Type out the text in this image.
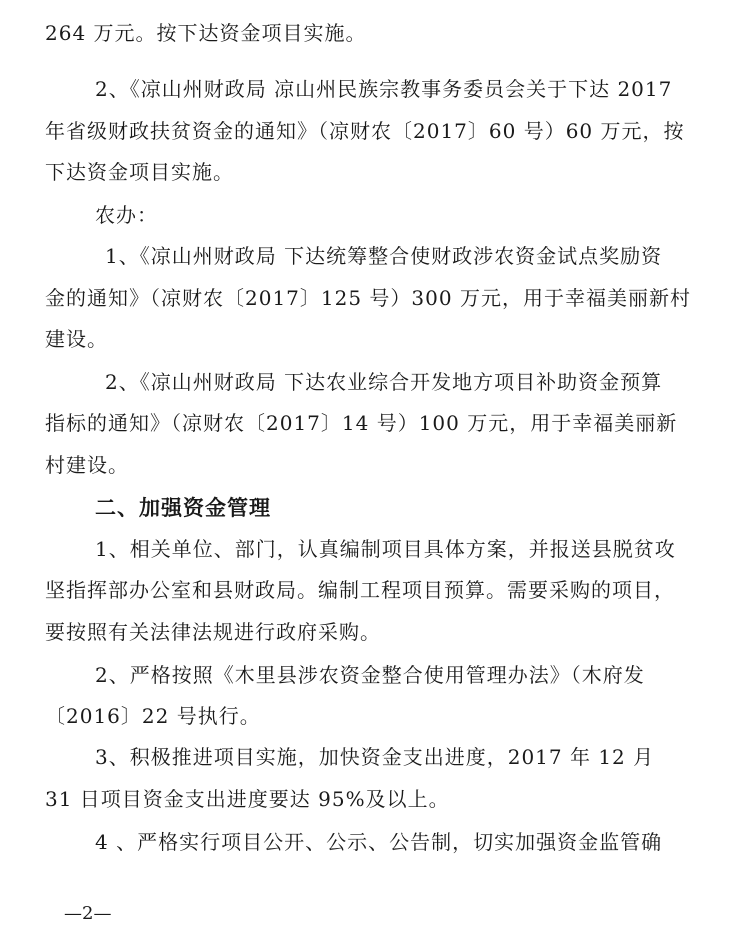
264 万元。按下达资金项目实施。
2、《凉山州财政局 凉山州民族宗教事务委员会关于下达 2017
年省级财政扶贫资金的通知》（凉财农〔2017〕60 号）60 万元，按
下达资金项目实施。
农办：
1、《凉山州财政局 下达统筹整合使财政涉农资金试点奖励资
金的通知》（凉财农〔2017〕125 号）300 万元，用于幸福美丽新村
建设。
2、《凉山州财政局 下达农业综合开发地方项目补助资金预算
指标的通知》（凉财农〔2017〕14 号）100 万元，用于幸福美丽新
村建设。
二、加强资金管理
1、相关单位、部门，认真编制项目具体方案，并报送县脱贫攻
坚指挥部办公室和县财政局。编制工程项目预算。需要采购的项目，
要按照有关法律法规进行政府采购。
2、严格按照《木里县涉农资金整合使用管理办法》（木府发
〔2016〕22 号执行。
3、积极推进项目实施，加快资金支出进度，2017 年 12 月
31 日项目资金支出进度要达 95%及以上。
4 、严格实行项目公开、公示、公告制，切实加强资金监管确
—2—
